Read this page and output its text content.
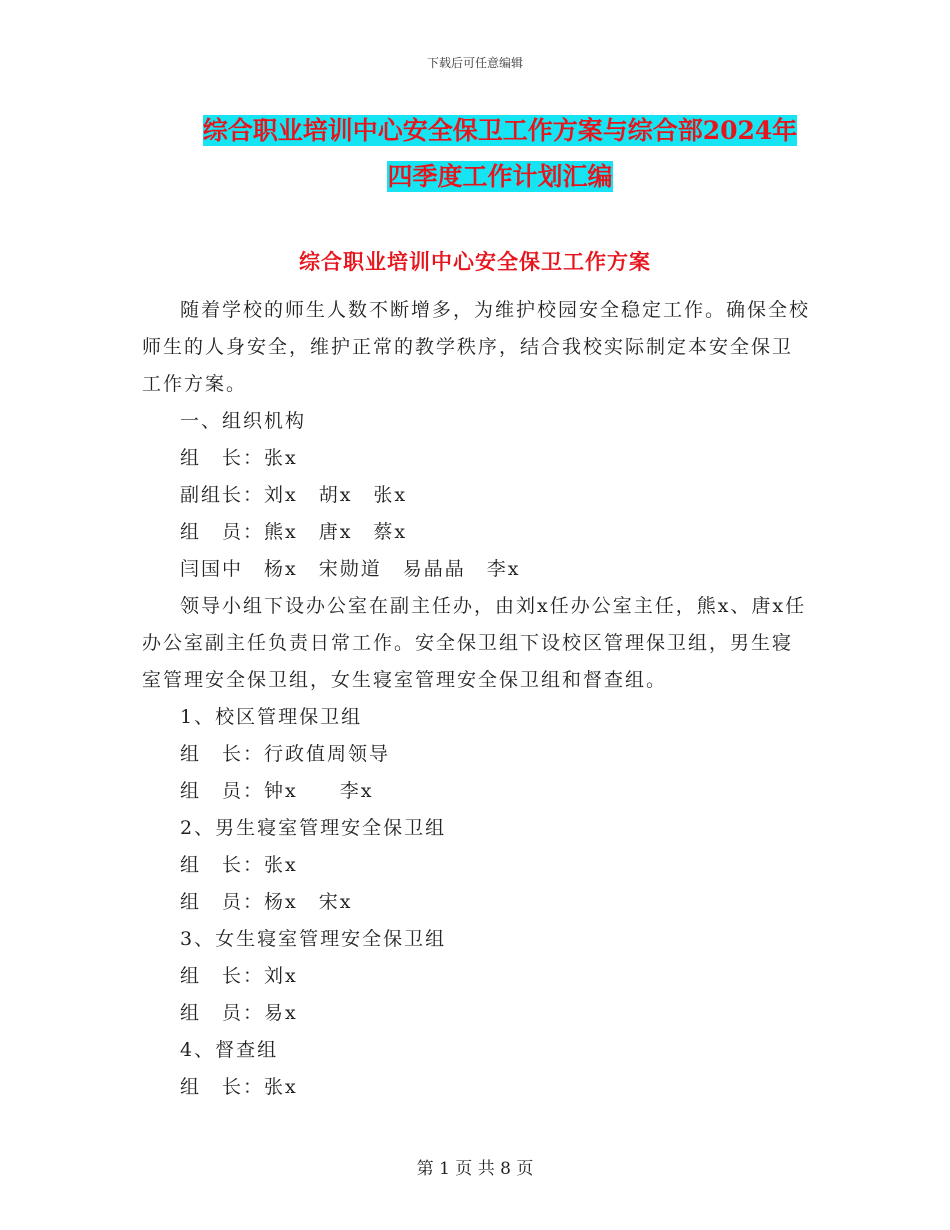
下载后可任意编辑
综合职业培训中心安全保卫工作方案与综合部2024年
四季度工作计划汇编
综合职业培训中心安全保卫工作方案

随着学校的师生人数不断增多，为维护校园安全稳定工作。确保全校师生的人身安全，维护正常的教学秩序，结合我校实际制定本安全保卫工作方案。

一、组织机构

组　长：张x

副组长：刘x　胡x　张x

组　员：熊x　唐x　蔡x

闫国中　杨x　宋勋道　易晶晶　李x

领导小组下设办公室在副主任办，由刘x任办公室主任，熊x、唐x任办公室副主任负责日常工作。安全保卫组下设校区管理保卫组，男生寝室管理安全保卫组，女生寝室管理安全保卫组和督查组。

1、校区管理保卫组

组　长：行政值周领导

组　员：钟x　　李x

2、男生寝室管理安全保卫组

组　长：张x

组　员：杨x　宋x

3、女生寝室管理安全保卫组

组　长：刘x

组　员：易x

4、督查组

组　长：张x

第 1 页 共 8 页
